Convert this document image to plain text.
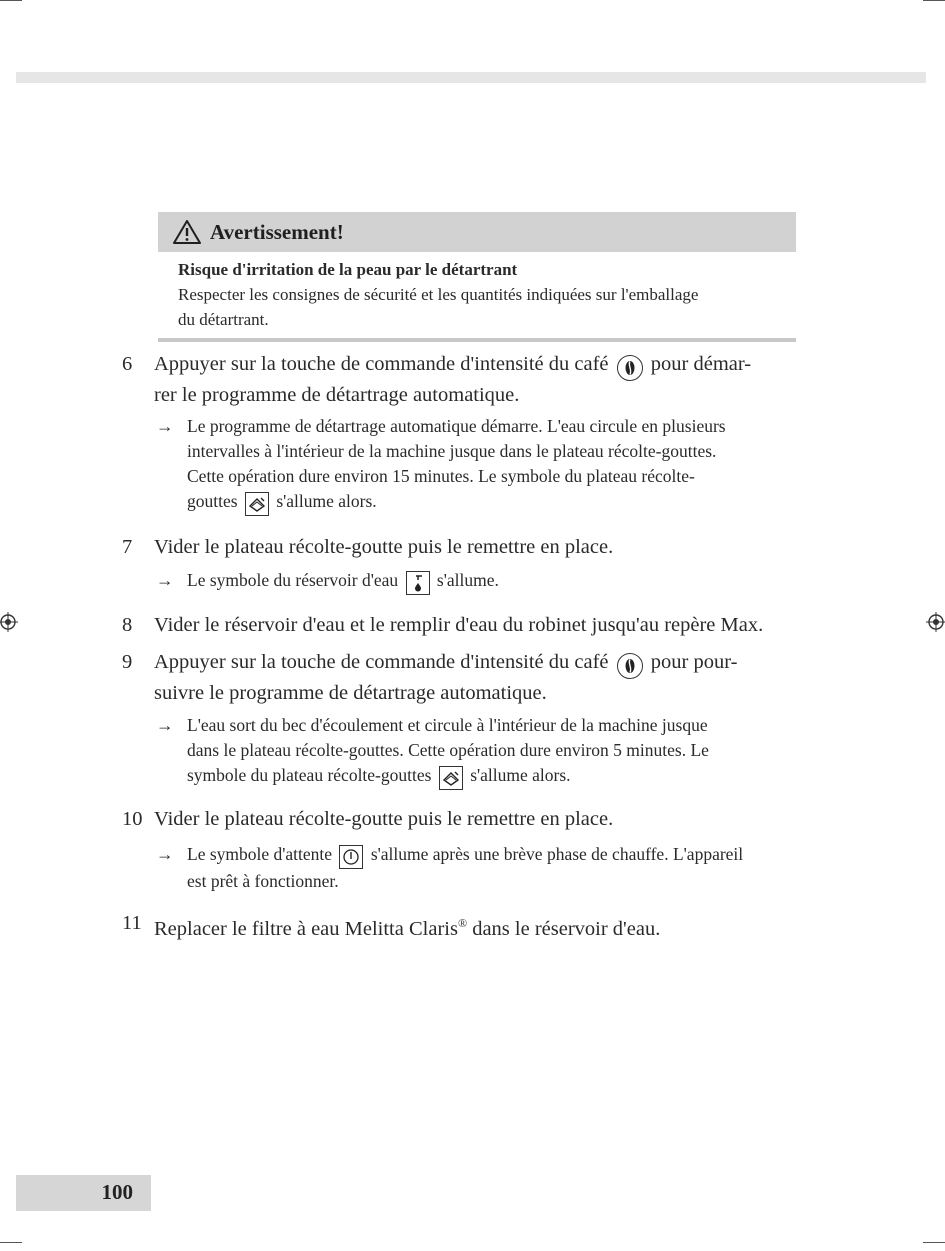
Avertissement!
Risque d'irritation de la peau par le détartrant
Respecter les consignes de sécurité et les quantités indiquées sur l'emballage
du détartrant.
6 Appuyer sur la touche de commande d'intensité du café pour démar-
rer le programme de détartrage automatique.
→ Le programme de détartrage automatique démarre. L'eau circule en plusieurs
intervalles à l'intérieur de la machine jusque dans le plateau récolte-gouttes.
Cette opération dure environ 15 minutes. Le symbole du plateau récolte-
gouttes s'allume alors.
7 Vider le plateau récolte-goutte puis le remettre en place.
→ Le symbole du réservoir d'eau s'allume.
8 Vider le réservoir d'eau et le remplir d'eau du robinet jusqu'au repère Max.
9 Appuyer sur la touche de commande d'intensité du café pour pour-
suivre le programme de détartrage automatique.
→ L'eau sort du bec d'écoulement et circule à l'intérieur de la machine jusque
dans le plateau récolte-gouttes. Cette opération dure environ 5 minutes. Le
symbole du plateau récolte-gouttes s'allume alors.
10 Vider le plateau récolte-goutte puis le remettre en place.
→ Le symbole d'attente s'allume après une brève phase de chauffe. L'appareil
est prêt à fonctionner.
11 Replacer le filtre à eau Melitta Claris® dans le réservoir d'eau.
100
